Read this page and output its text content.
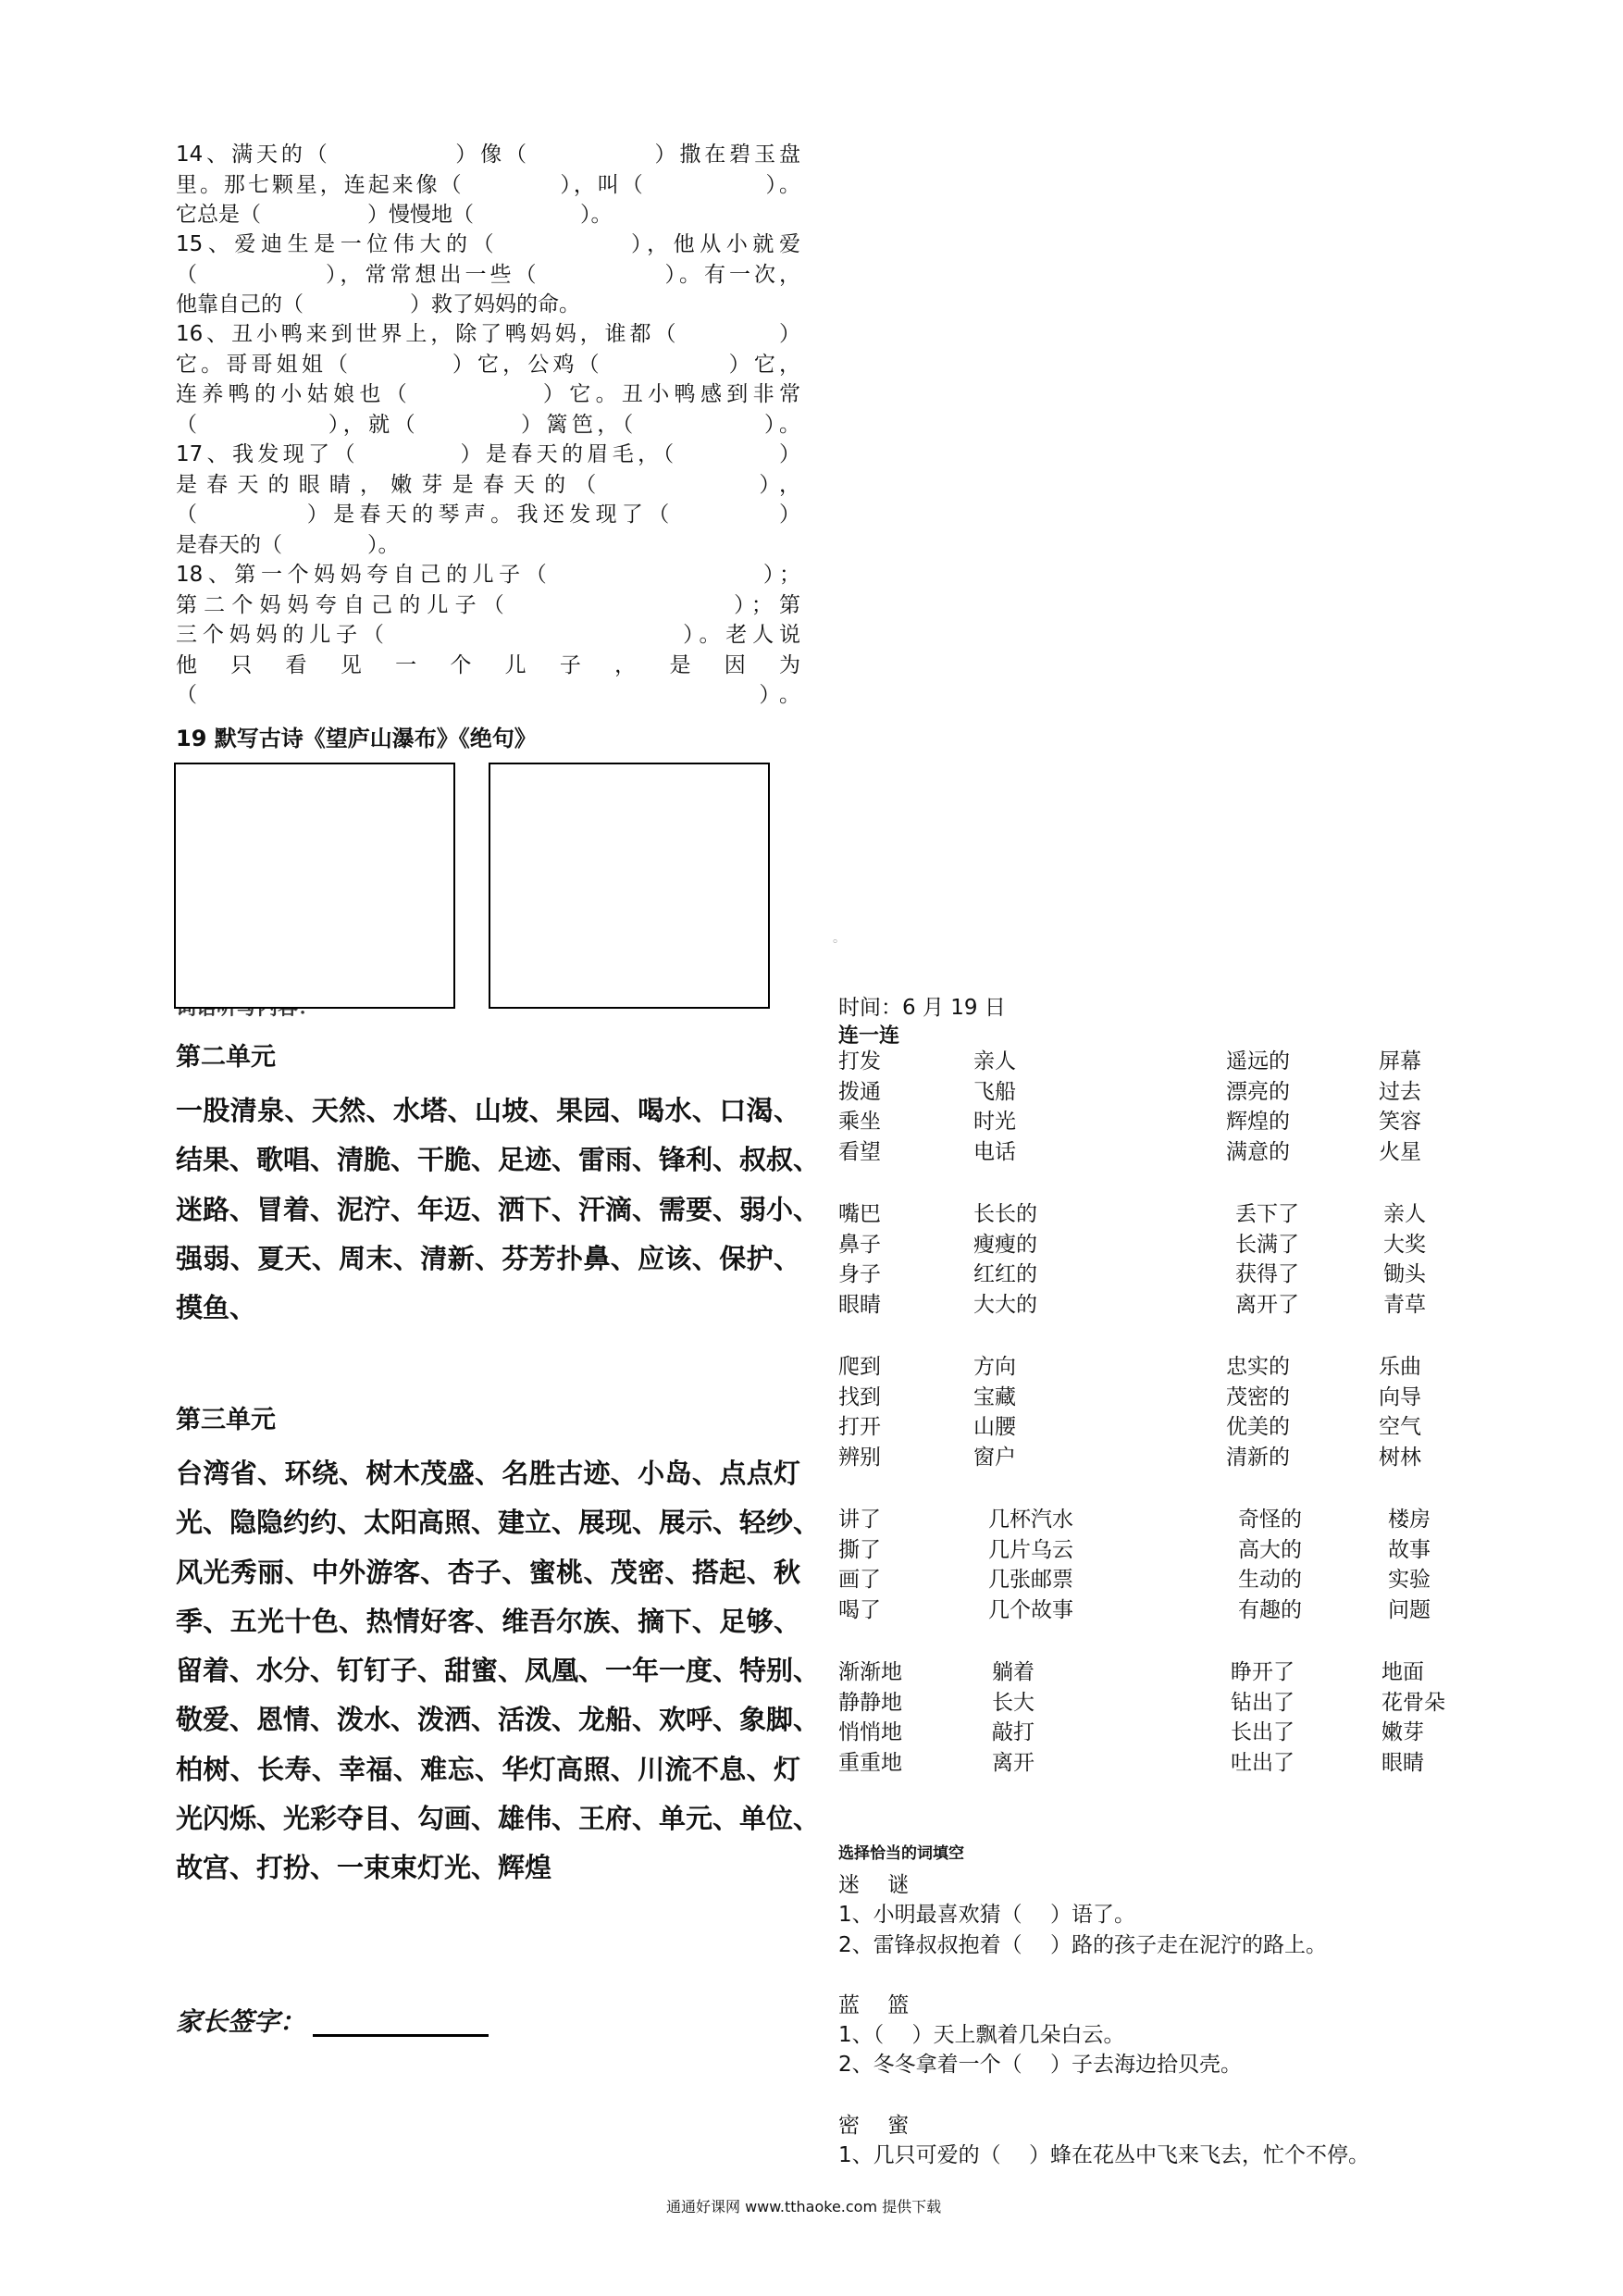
14、满天的（　　　　　）像（　　　　　）撒在碧玉盘
里。那七颗星，连起来像（　　　　），叫（　　　　　）。
它总是（　　　　　）慢慢地（　　　　　）。
15、爱迪生是一位伟大的（　　　　　），他从小就爱
（　　　　　），常常想出一些（　　　　　）。有一次，
他靠自己的（　　　　　）救了妈妈的命。
16、丑小鸭来到世界上，除了鸭妈妈，谁都（　　　　）
它。哥哥姐姐（　　　　）它，公鸡（　　　　　）它，
连养鸭的小姑娘也（　　　　　）它。丑小鸭感到非常
（　　　　　），就（　　　　）篱笆，（　　　　　）。
17、我发现了（　　　　）是春天的眉毛，（　　　　）
是春天的眼睛，嫩芽是春天的（　　　　　），
（　　　　）是春天的琴声。我还发现了（　　　　）
是春天的（　　　　）。
18、第一个妈妈夸自己的儿子（　　　　　　　　）；
第二个妈妈夸自己的儿子（　　　　　　　　）；第
三个妈妈的儿子（　　　　　　　　　　　）。老人说
他 只 看 见 一 个 儿 子 ， 是 因 为
（　　　　　　　　　　　　　　　　　　）。
19 默写古诗《望庐山瀑布》《绝句》
第二单元
一股清泉、天然、水塔、山坡、果园、喝水、口渴、
结果、歌唱、清脆、干脆、足迹、雷雨、锋利、叔叔、
迷路、冒着、泥泞、年迈、洒下、汗滴、需要、弱小、
强弱、夏天、周末、清新、芬芳扑鼻、应该、保护、
摸鱼、
第三单元
台湾省、环绕、树木茂盛、名胜古迹、小岛、点点灯
光、隐隐约约、太阳高照、建立、展现、展示、轻纱、
风光秀丽、中外游客、杏子、蜜桃、茂密、搭起、秋
季、五光十色、热情好客、维吾尔族、摘下、足够、
留着、水分、钉钉子、甜蜜、凤凰、一年一度、特别、
敬爱、恩情、泼水、泼洒、活泼、龙船、欢呼、象脚、
柏树、长寿、幸福、难忘、华灯高照、川流不息、灯
光闪烁、光彩夺目、勾画、雄伟、王府、单元、单位、
故宫、打扮、一束束灯光、辉煌
家长签字：
。
时间：6 月 19 日
连一连
打发
拨通
乘坐
看望
亲人
飞船
时光
电话
遥远的
漂亮的
辉煌的
满意的
屏幕
过去
笑容
火星
嘴巴
鼻子
身子
眼睛
长长的
瘦瘦的
红红的
大大的
丢下了
长满了
获得了
离开了
亲人
大奖
锄头
青草
爬到
找到
打开
辨别
方向
宝藏
山腰
窗户
忠实的
茂密的
优美的
清新的
乐曲
向导
空气
树林
讲了
撕了
画了
喝了
几杯汽水
几片乌云
几张邮票
几个故事
奇怪的
高大的
生动的
有趣的
楼房
故事
实验
问题
渐渐地
静静地
悄悄地
重重地
躺着
长大
敲打
离开
睁开了
钻出了
长出了
吐出了
地面
花骨朵
嫩芽
眼睛
选择恰当的词填空
迷　 谜
1、小明最喜欢猜（　 ）语了。
2、雷锋叔叔抱着（　 ）路的孩子走在泥泞的路上。
蓝　 篮
1、（　 ）天上飘着几朵白云。
2、冬冬拿着一个（　 ）子去海边拾贝壳。
密　 蜜
1、几只可爱的（　 ）蜂在花丛中飞来飞去，忙个不停。
通通好课网 www.tthaoke.com 提供下载
